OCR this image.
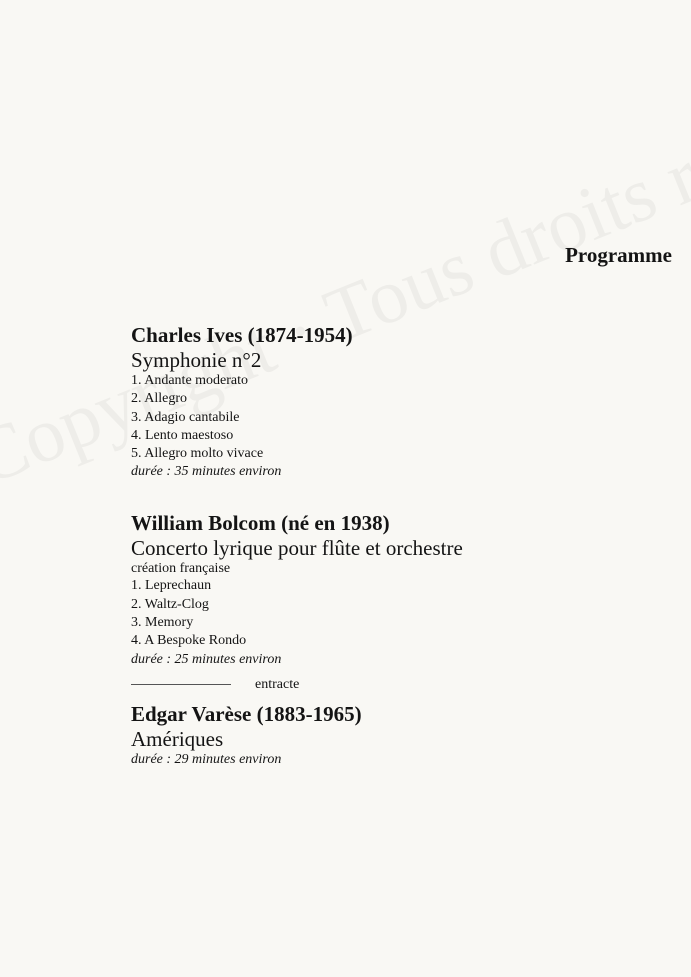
Programme

Charles Ives (1874-1954)

Symphonie n°2

1. Andante moderato
2. Allegro
3. Adagio cantabile
4. Lento maestoso
5. Allegro molto vivace

durée : 35 minutes environ

William Bolcom (né en 1938)

Concerto lyrique pour flûte et orchestre

création française

1. Leprechaun
2. Waltz-Clog
3. Memory
4. A Bespoke Rondo

durée : 25 minutes environ

entracte

Edgar Varèse (1883-1965)

Amériques

durée : 29 minutes environ
